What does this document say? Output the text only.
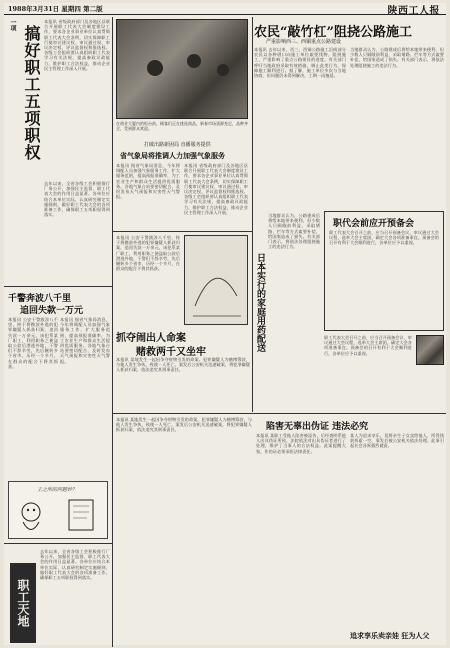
1988年3月31日 星期四 第二版	陕西工人报
一项 搞好职工五项职权
本报讯 省级政府部门及各地区县联合开展职工代表大会制度建设工作，要求各企业事业单位认真贯彻职工代表大会条例，切实保障职工行使审议建议权、审议通过权、审议决定权、评议监督权和推选权。各级工会组织要认真组织职工代表学习有关法规，提高参政议政能力，维护职工合法权益，推动企业民主管理工作深入开展。
去年以来，全省各级工会积极推行厂务公开，加强民主监督，职工代表大会的作用日益显著。各单位应结合本单位实际，认真研究制定实施细则，做好职工代表大会的各项准备工作，确保职工五项职权得到落实。
千警奔波八千里
追回失款一万元
本报讯 公安干警跋涉八千里，终于将携款外逃的犯罪嫌疑人抓获归案，追回失款一万余元。该犯系某厂职工，利用职务之便盗取公款后潜逃外地，干警们不辞辛劳，先后辗转多个省市，历经一个多月，在群众的配合下将其抓获。
本报讯 据省气象局消息，今年将调配人员加强气象服务工作，扩大服务范围，提高预报准确率，为工农业生产和群众生活提供优质服务。各地气象台站要密切配合，及时发布天气预报和灾害性天气警报。
王之所的问题妙？
职工天地
去年以来，全省各级工会积极推行厂务公开，加强民主监督，职工代表大会的作用日益显著。各单位应结合本单位实际，认真研究制定实施细则，做好职工代表大会的各项准备工作，确保职工五项职权得到落实。
农民“敲竹杠”阻挠公路施工
严重影响西三、西铜重点公路建设
本报讯 去年以来，西三、西铜公路施工沿线部分农民以各种借口向施工单位索要钱物，阻挠施工，严重影响了重点公路建设的进度。有关部门呼吁当地政府采取有效措施，制止此类行为，保障施工顺利进行。据了解，施工单位多次与当地协商，但问题仍未得到解决，工期一再拖延。
当地群众认为，公路建成后将给本地带来便利，但少数人只顾眼前利益，采取堵路、拦车等方式索要补偿，给国家造成了损失。有关部门表示，将依法处理阻挠施工的违法行为。
在商业大厦内的柜台前，顾客们正在挑选商品，新春市场货源充足，品种齐全，受到群众欢迎。
打破出路新困局 直播服务提供
省气象局将推调人力加强气象服务
本报讯 据省气象局消息，今年将调配人员加强气象服务工作，扩大服务范围，提高预报准确率，为工农业生产和群众生活提供优质服务。各地气象台站要密切配合，及时发布天气预报和灾害性天气警报。
本报讯 省级政府部门及各地区县联合开展职工代表大会制度建设工作，要求各企业事业单位认真贯彻职工代表大会条例，切实保障职工行使审议建议权、审议通过权、审议决定权、评议监督权和推选权。各级工会组织要认真组织职工代表学习有关法规，提高参政议政能力，维护职工合法权益，推动企业民主管理工作深入开展。
本报讯 公安干警跋涉八千里，终于将携款外逃的犯罪嫌疑人抓获归案，追回失款一万余元。该犯系某厂职工，利用职务之便盗取公款后潜逃外地，干警们不辞辛劳，先后辗转多个省市，历经一个多月，在群众的配合下将其抓获。
抓夺闹出人命案
赌救两千又坐牢
本报讯 某地发生一起因争夺财物引发的命案。犯罪嫌疑人为赌博筹款，与他人发生争执，致使一人死亡。案发后公安机关迅速破案，将犯罪嫌疑人抓获归案，依法追究其刑事责任。
日本实行的家庭用药配送
当地群众认为，公路建成后将给本地带来便利，但少数人只顾眼前利益，采取堵路、拦车等方式索要补偿，给国家造成了损失。有关部门表示，将依法处理阻挠施工的违法行为。
职代会前应开预备会
职工代表大会召开之前，应当召开预备会议，审议通过大会议程，选举大会主席团，确定大会各项准备事宜。预备会的召开有利于大会顺利进行，各单位应予以重视。
职工代表大会召开之前，应当召开预备会议，审议通过大会议程，选举大会主席团，确定大会各项准备事宜。预备会的召开有利于大会顺利进行，各单位应予以重视。
陷害无辜出伪证 违法必究
本报讯 某地发生一起因争夺财物引发的命案。犯罪嫌疑人为赌博筹款，与他人发生争执，致使一人死亡。案发后公安机关迅速破案，将犯罪嫌疑人抓获归案，依法追究其刑事责任。
本报讯 某职工受他人陷害被诬告，后经查明系他人出具伪证所致。法院依法对出具伪证者进行了处理，维护了当事人的合法权益。此案提醒大家，作伪证必须承担法律责任。
某人为追求享乐，竟将亲生子女卖给他人，所得钱款挥霍一空，事发后被公安机关依法处理。此事引起社会各界强烈谴责。
追求享乐卖亲娃 狂为人父
